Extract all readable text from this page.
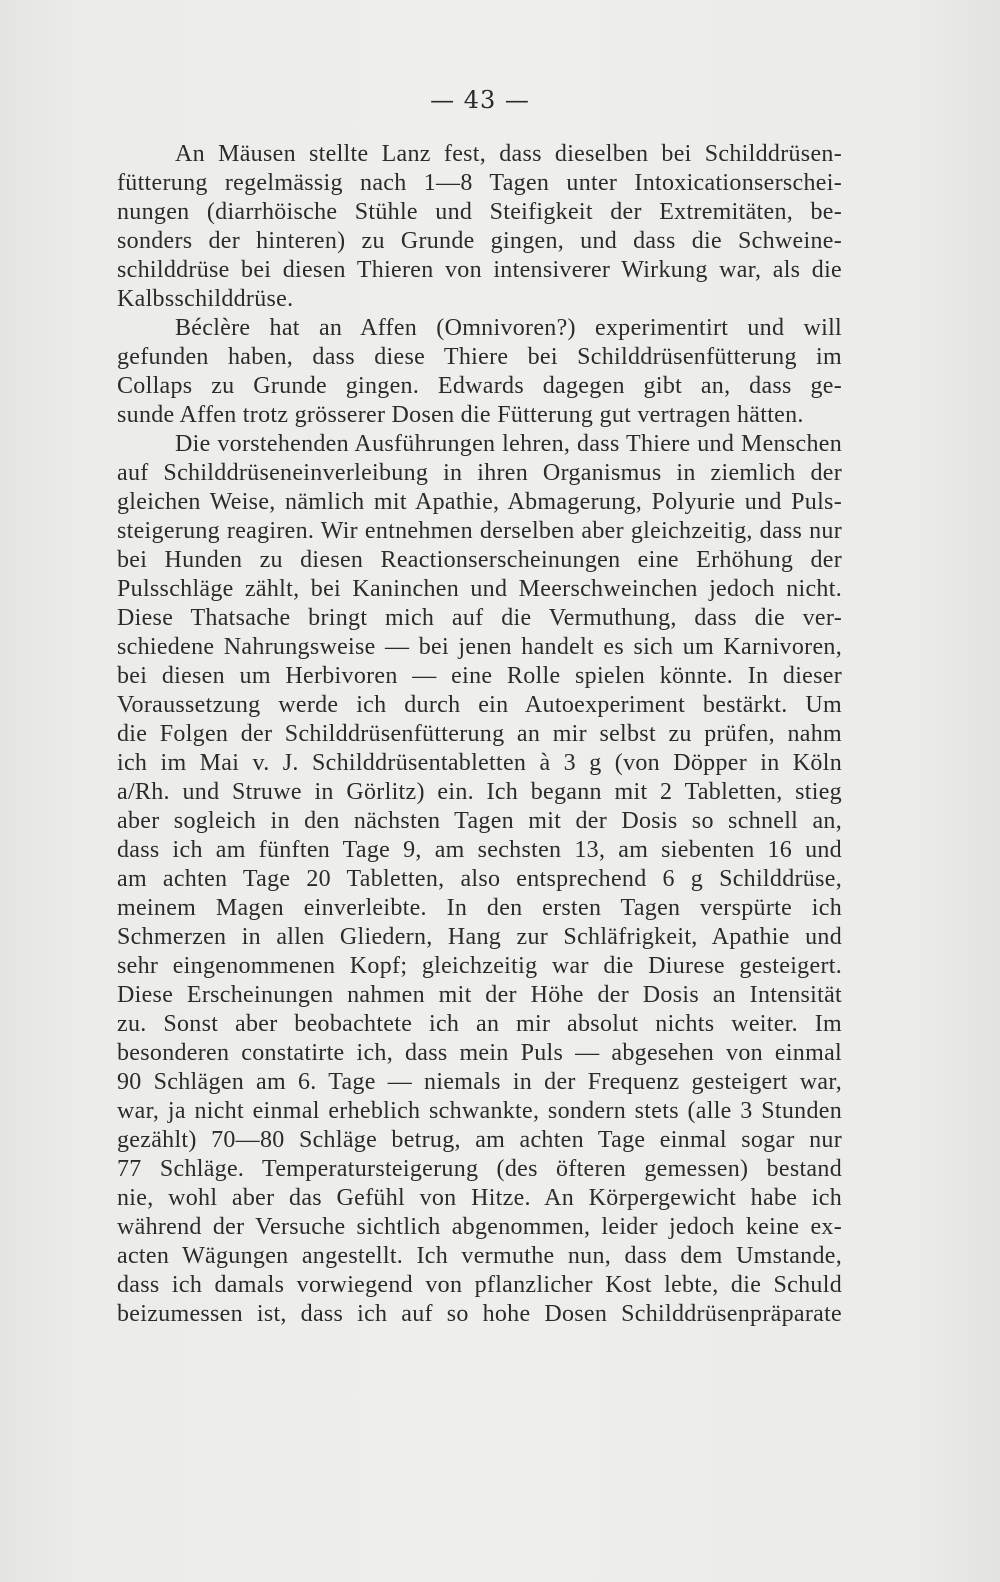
— 43 —
An Mäusen stellte Lanz fest, dass dieselben bei Schilddrüsen-
fütterung regelmässig nach 1—8 Tagen unter Intoxicationserschei-
nungen (diarrhöische Stühle und Steifigkeit der Extremitäten, be-
sonders der hinteren) zu Grunde gingen, und dass die Schweine-
schilddrüse bei diesen Thieren von intensiverer Wirkung war, als die
Kalbsschilddrüse.
Béclère hat an Affen (Omnivoren?) experimentirt und will
gefunden haben, dass diese Thiere bei Schilddrüsenfütterung im
Collaps zu Grunde gingen. Edwards dagegen gibt an, dass ge-
sunde Affen trotz grösserer Dosen die Fütterung gut vertragen hätten.
Die vorstehenden Ausführungen lehren, dass Thiere und Menschen
auf Schilddrüseneinverleibung in ihren Organismus in ziemlich der
gleichen Weise, nämlich mit Apathie, Abmagerung, Polyurie und Puls-
steigerung reagiren. Wir entnehmen derselben aber gleichzeitig, dass nur
bei Hunden zu diesen Reactionserscheinungen eine Erhöhung der
Pulsschläge zählt, bei Kaninchen und Meerschweinchen jedoch nicht.
Diese Thatsache bringt mich auf die Vermuthung, dass die ver-
schiedene Nahrungsweise — bei jenen handelt es sich um Karnivoren,
bei diesen um Herbivoren — eine Rolle spielen könnte. In dieser
Voraussetzung werde ich durch ein Autoexperiment bestärkt. Um
die Folgen der Schilddrüsenfütterung an mir selbst zu prüfen, nahm
ich im Mai v. J. Schilddrüsentabletten à 3 g (von Döpper in Köln
a/Rh. und Struwe in Görlitz) ein. Ich begann mit 2 Tabletten, stieg
aber sogleich in den nächsten Tagen mit der Dosis so schnell an,
dass ich am fünften Tage 9, am sechsten 13, am siebenten 16 und
am achten Tage 20 Tabletten, also entsprechend 6 g Schilddrüse,
meinem Magen einverleibte. In den ersten Tagen verspürte ich
Schmerzen in allen Gliedern, Hang zur Schläfrigkeit, Apathie und
sehr eingenommenen Kopf; gleichzeitig war die Diurese gesteigert.
Diese Erscheinungen nahmen mit der Höhe der Dosis an Intensität
zu. Sonst aber beobachtete ich an mir absolut nichts weiter. Im
besonderen constatirte ich, dass mein Puls — abgesehen von einmal
90 Schlägen am 6. Tage — niemals in der Frequenz gesteigert war,
war, ja nicht einmal erheblich schwankte, sondern stets (alle 3 Stunden
gezählt) 70—80 Schläge betrug, am achten Tage einmal sogar nur
77 Schläge. Temperatursteigerung (des öfteren gemessen) bestand
nie, wohl aber das Gefühl von Hitze. An Körpergewicht habe ich
während der Versuche sichtlich abgenommen, leider jedoch keine ex-
acten Wägungen angestellt. Ich vermuthe nun, dass dem Umstande,
dass ich damals vorwiegend von pflanzlicher Kost lebte, die Schuld
beizumessen ist, dass ich auf so hohe Dosen Schilddrüsenpräparate
